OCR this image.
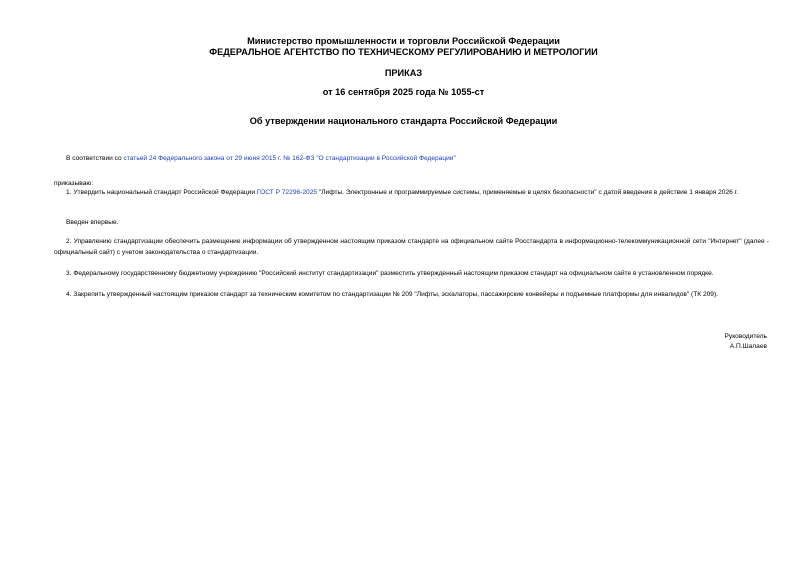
Министерство промышленности и торговли Российской Федерации
ФЕДЕРАЛЬНОЕ АГЕНТСТВО ПО ТЕХНИЧЕСКОМУ РЕГУЛИРОВАНИЮ И МЕТРОЛОГИИ
ПРИКАЗ
от 16 сентября 2025 года № 1055-ст
Об утверждении национального стандарта Российской Федерации
В соответствии со статьей 24 Федерального закона от 29 июня 2015 г. № 162-ФЗ "О стандартизации в Российской Федерации"
приказываю:
1. Утвердить национальный стандарт Российской Федерации ГОСТ Р 72296-2025 "Лифты. Электронные и программируемые системы, применяемые в целях безопасности" с датой введения в действие 1 января 2026 г.
Введен впервые.
2. Управлению стандартизации обеспечить размещение информации об утвержденном настоящим приказом стандарте на официальном сайте Росстандарта в информационно-телекоммуникационной сети "Интернет" (далее - официальный сайт) с учетом законодательства о стандартизации.
3. Федеральному государственному бюджетному учреждению "Российский институт стандартизации" разместить утвержденный настоящим приказом стандарт на официальном сайте в установленном порядке.
4. Закрепить утвержденный настоящим приказом стандарт за техническим комитетом по стандартизации № 209 "Лифты, эскалаторы, пассажирские конвейеры и подъемные платформы для инвалидов" (ТК 209).
Руководитель
А.П.Шалаев
